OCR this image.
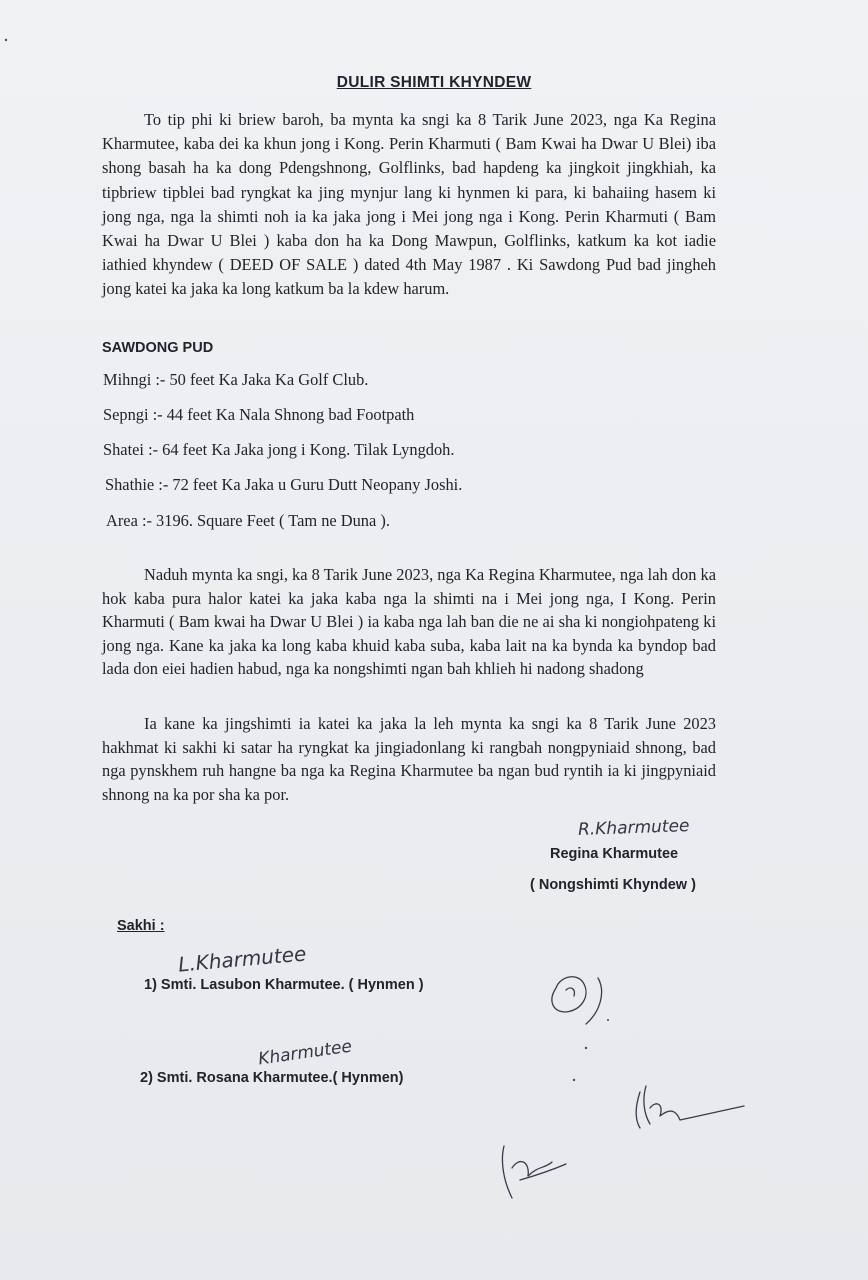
DULIR SHIMTI KHYNDEW

To tip phi ki briew baroh, ba mynta ka sngi ka 8 Tarik June 2023, nga Ka Regina Kharmutee, kaba dei ka khun jong i Kong. Perin Kharmuti ( Bam Kwai ha Dwar U Blei) iba shong basah ha ka dong Pdengshnong, Golflinks, bad hapdeng ka jingkoit jingkhiah, ka tipbriew tipblei bad ryngkat ka jing mynjur lang ki hynmen ki para, ki bahaiing hasem ki jong nga, nga la shimti noh ia ka jaka jong i Mei jong nga i Kong. Perin Kharmuti ( Bam Kwai ha Dwar U Blei ) kaba don ha ka Dong Mawpun, Golflinks, katkum ka kot iadie iathied khyndew ( DEED OF SALE ) dated 4th May 1987 . Ki Sawdong Pud bad jingheh jong katei ka jaka ka long katkum ba la kdew harum.

SAWDONG PUD

Mihngi :- 50 feet Ka Jaka Ka Golf Club.

Sepngi :- 44 feet Ka Nala Shnong bad Footpath

Shatei :- 64 feet Ka Jaka jong i Kong. Tilak Lyngdoh.

Shathie :- 72 feet Ka Jaka u Guru Dutt Neopany Joshi.

Area :- 3196. Square Feet ( Tam ne Duna ).

Naduh mynta ka sngi, ka 8 Tarik June 2023, nga Ka Regina Kharmutee, nga lah don ka hok kaba pura halor katei ka jaka kaba nga la shimti na i Mei jong nga, I Kong. Perin Kharmuti ( Bam kwai ha Dwar U Blei ) ia kaba nga lah ban die ne ai sha ki nongiohpateng ki jong nga. Kane ka jaka ka long kaba khuid kaba suba, kaba lait na ka bynda ka byndop bad lada don eiei hadien habud, nga ka nongshimti ngan bah khlieh hi nadong shadong

Ia kane ka jingshimti ia katei ka jaka la leh mynta ka sngi ka 8 Tarik June 2023 hakhmat ki sakhi ki satar ha ryngkat ka jingiadonlang ki rangbah nongpyniaid shnong, bad nga pynskhem ruh hangne ba nga ka Regina Kharmutee ba ngan bud ryntih ia ki jingpyniaid shnong na ka por sha ka por.

R.Kharmutee

Regina Kharmutee

( Nongshimti Khyndew )

Sakhi :

L.Kharmutee

1) Smti. Lasubon Kharmutee. ( Hynmen )

Kharmutee

2) Smti. Rosana Kharmutee.( Hynmen)
